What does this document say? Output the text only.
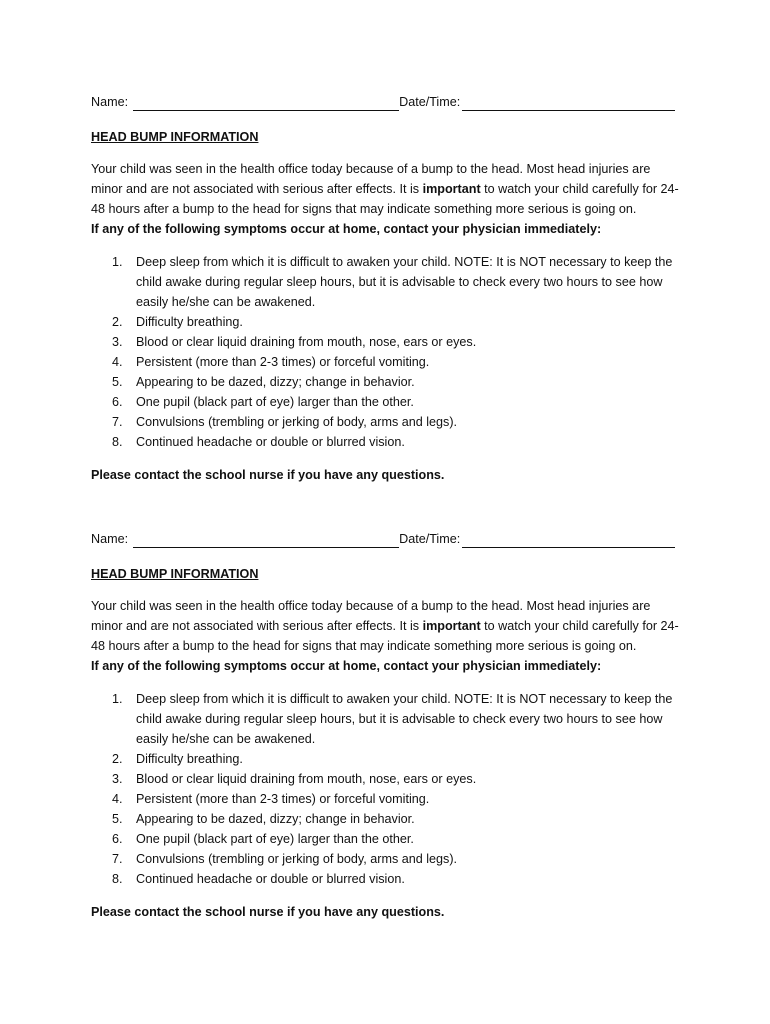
Name:	Date/Time:
HEAD BUMP INFORMATION
Your child was seen in the health office today because of a bump to the head. Most head injuries are minor and are not associated with serious after effects. It is important to watch your child carefully for 24-48 hours after a bump to the head for signs that may indicate something more serious is going on.
If any of the following symptoms occur at home, contact your physician immediately:
1. Deep sleep from which it is difficult to awaken your child. NOTE: It is NOT necessary to keep the child awake during regular sleep hours, but it is advisable to check every two hours to see how easily he/she can be awakened.
2. Difficulty breathing.
3. Blood or clear liquid draining from mouth, nose, ears or eyes.
4. Persistent (more than 2-3 times) or forceful vomiting.
5. Appearing to be dazed, dizzy; change in behavior.
6. One pupil (black part of eye) larger than the other.
7. Convulsions (trembling or jerking of body, arms and legs).
8. Continued headache or double or blurred vision.
Please contact the school nurse if you have any questions.
Name:	Date/Time:
HEAD BUMP INFORMATION
Your child was seen in the health office today because of a bump to the head. Most head injuries are minor and are not associated with serious after effects. It is important to watch your child carefully for 24-48 hours after a bump to the head for signs that may indicate something more serious is going on.
If any of the following symptoms occur at home, contact your physician immediately:
1. Deep sleep from which it is difficult to awaken your child. NOTE: It is NOT necessary to keep the child awake during regular sleep hours, but it is advisable to check every two hours to see how easily he/she can be awakened.
2. Difficulty breathing.
3. Blood or clear liquid draining from mouth, nose, ears or eyes.
4. Persistent (more than 2-3 times) or forceful vomiting.
5. Appearing to be dazed, dizzy; change in behavior.
6. One pupil (black part of eye) larger than the other.
7. Convulsions (trembling or jerking of body, arms and legs).
8. Continued headache or double or blurred vision.
Please contact the school nurse if you have any questions.
